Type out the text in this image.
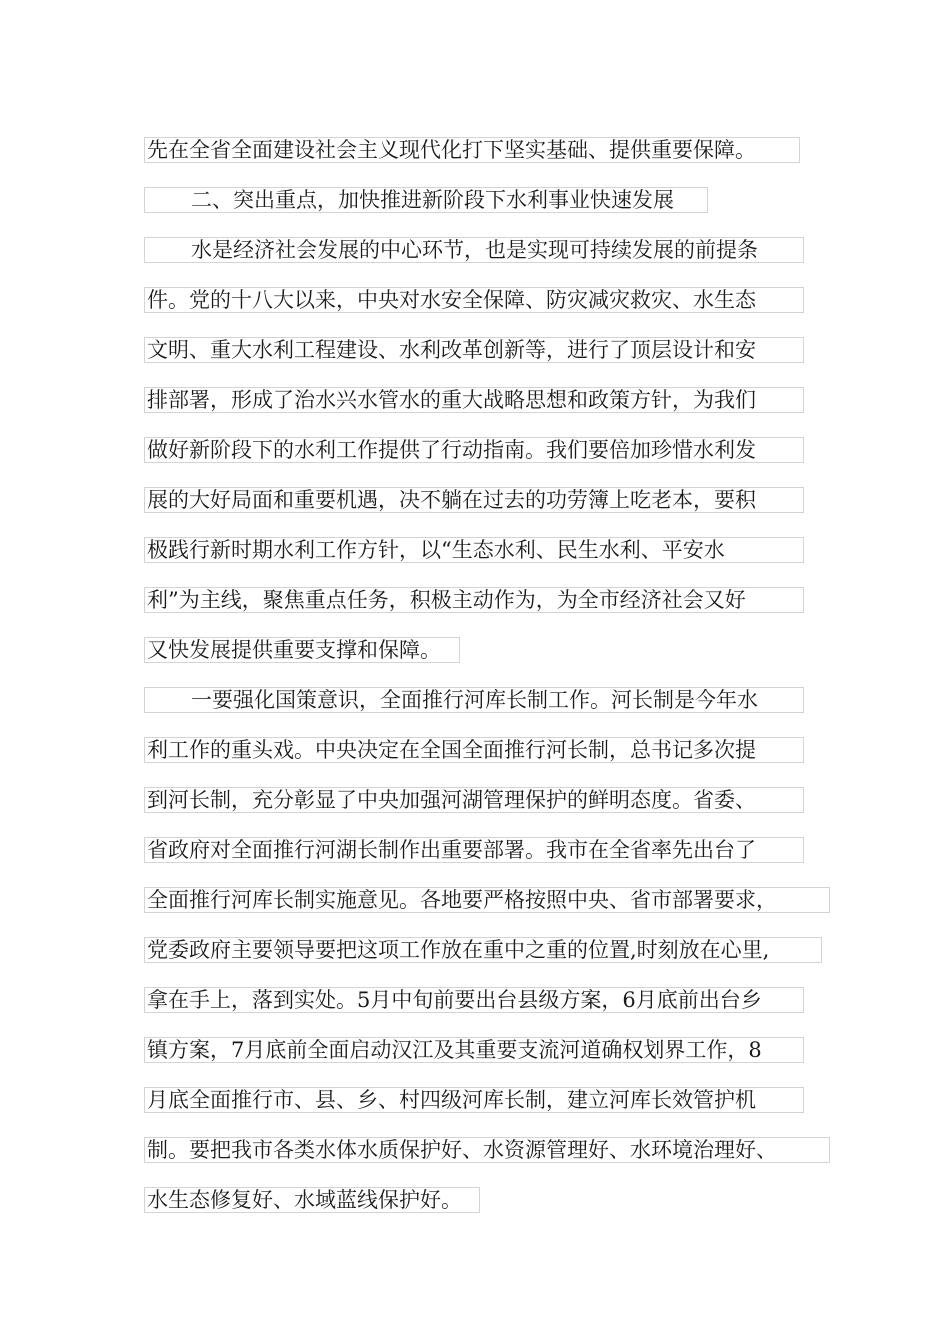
先在全省全面建设社会主义现代化打下坚实基础、提供重要保障。
二、突出重点，加快推进新阶段下水利事业快速发展
水是经济社会发展的中心环节，也是实现可持续发展的前提条
件。党的十八大以来，中央对水安全保障、防灾减灾救灾、水生态
文明、重大水利工程建设、水利改革创新等，进行了顶层设计和安
排部署，形成了治水兴水管水的重大战略思想和政策方针，为我们
做好新阶段下的水利工作提供了行动指南。我们要倍加珍惜水利发
展的大好局面和重要机遇，决不躺在过去的功劳簿上吃老本，要积
极践行新时期水利工作方针，以“生态水利、民生水利、平安水
利”为主线，聚焦重点任务，积极主动作为，为全市经济社会又好
又快发展提供重要支撑和保障。
一要强化国策意识，全面推行河库长制工作。河长制是今年水
利工作的重头戏。中央决定在全国全面推行河长制，总书记多次提
到河长制，充分彰显了中央加强河湖管理保护的鲜明态度。省委、
省政府对全面推行河湖长制作出重要部署。我市在全省率先出台了
全面推行河库长制实施意见。各地要严格按照中央、省市部署要求，
党委政府主要领导要把这项工作放在重中之重的位置,时刻放在心里,
拿在手上，落到实处。5月中旬前要出台县级方案，6月底前出台乡
镇方案，7月底前全面启动汉江及其重要支流河道确权划界工作，8
月底全面推行市、县、乡、村四级河库长制，建立河库长效管护机
制。要把我市各类水体水质保护好、水资源管理好、水环境治理好、
水生态修复好、水域蓝线保护好。
